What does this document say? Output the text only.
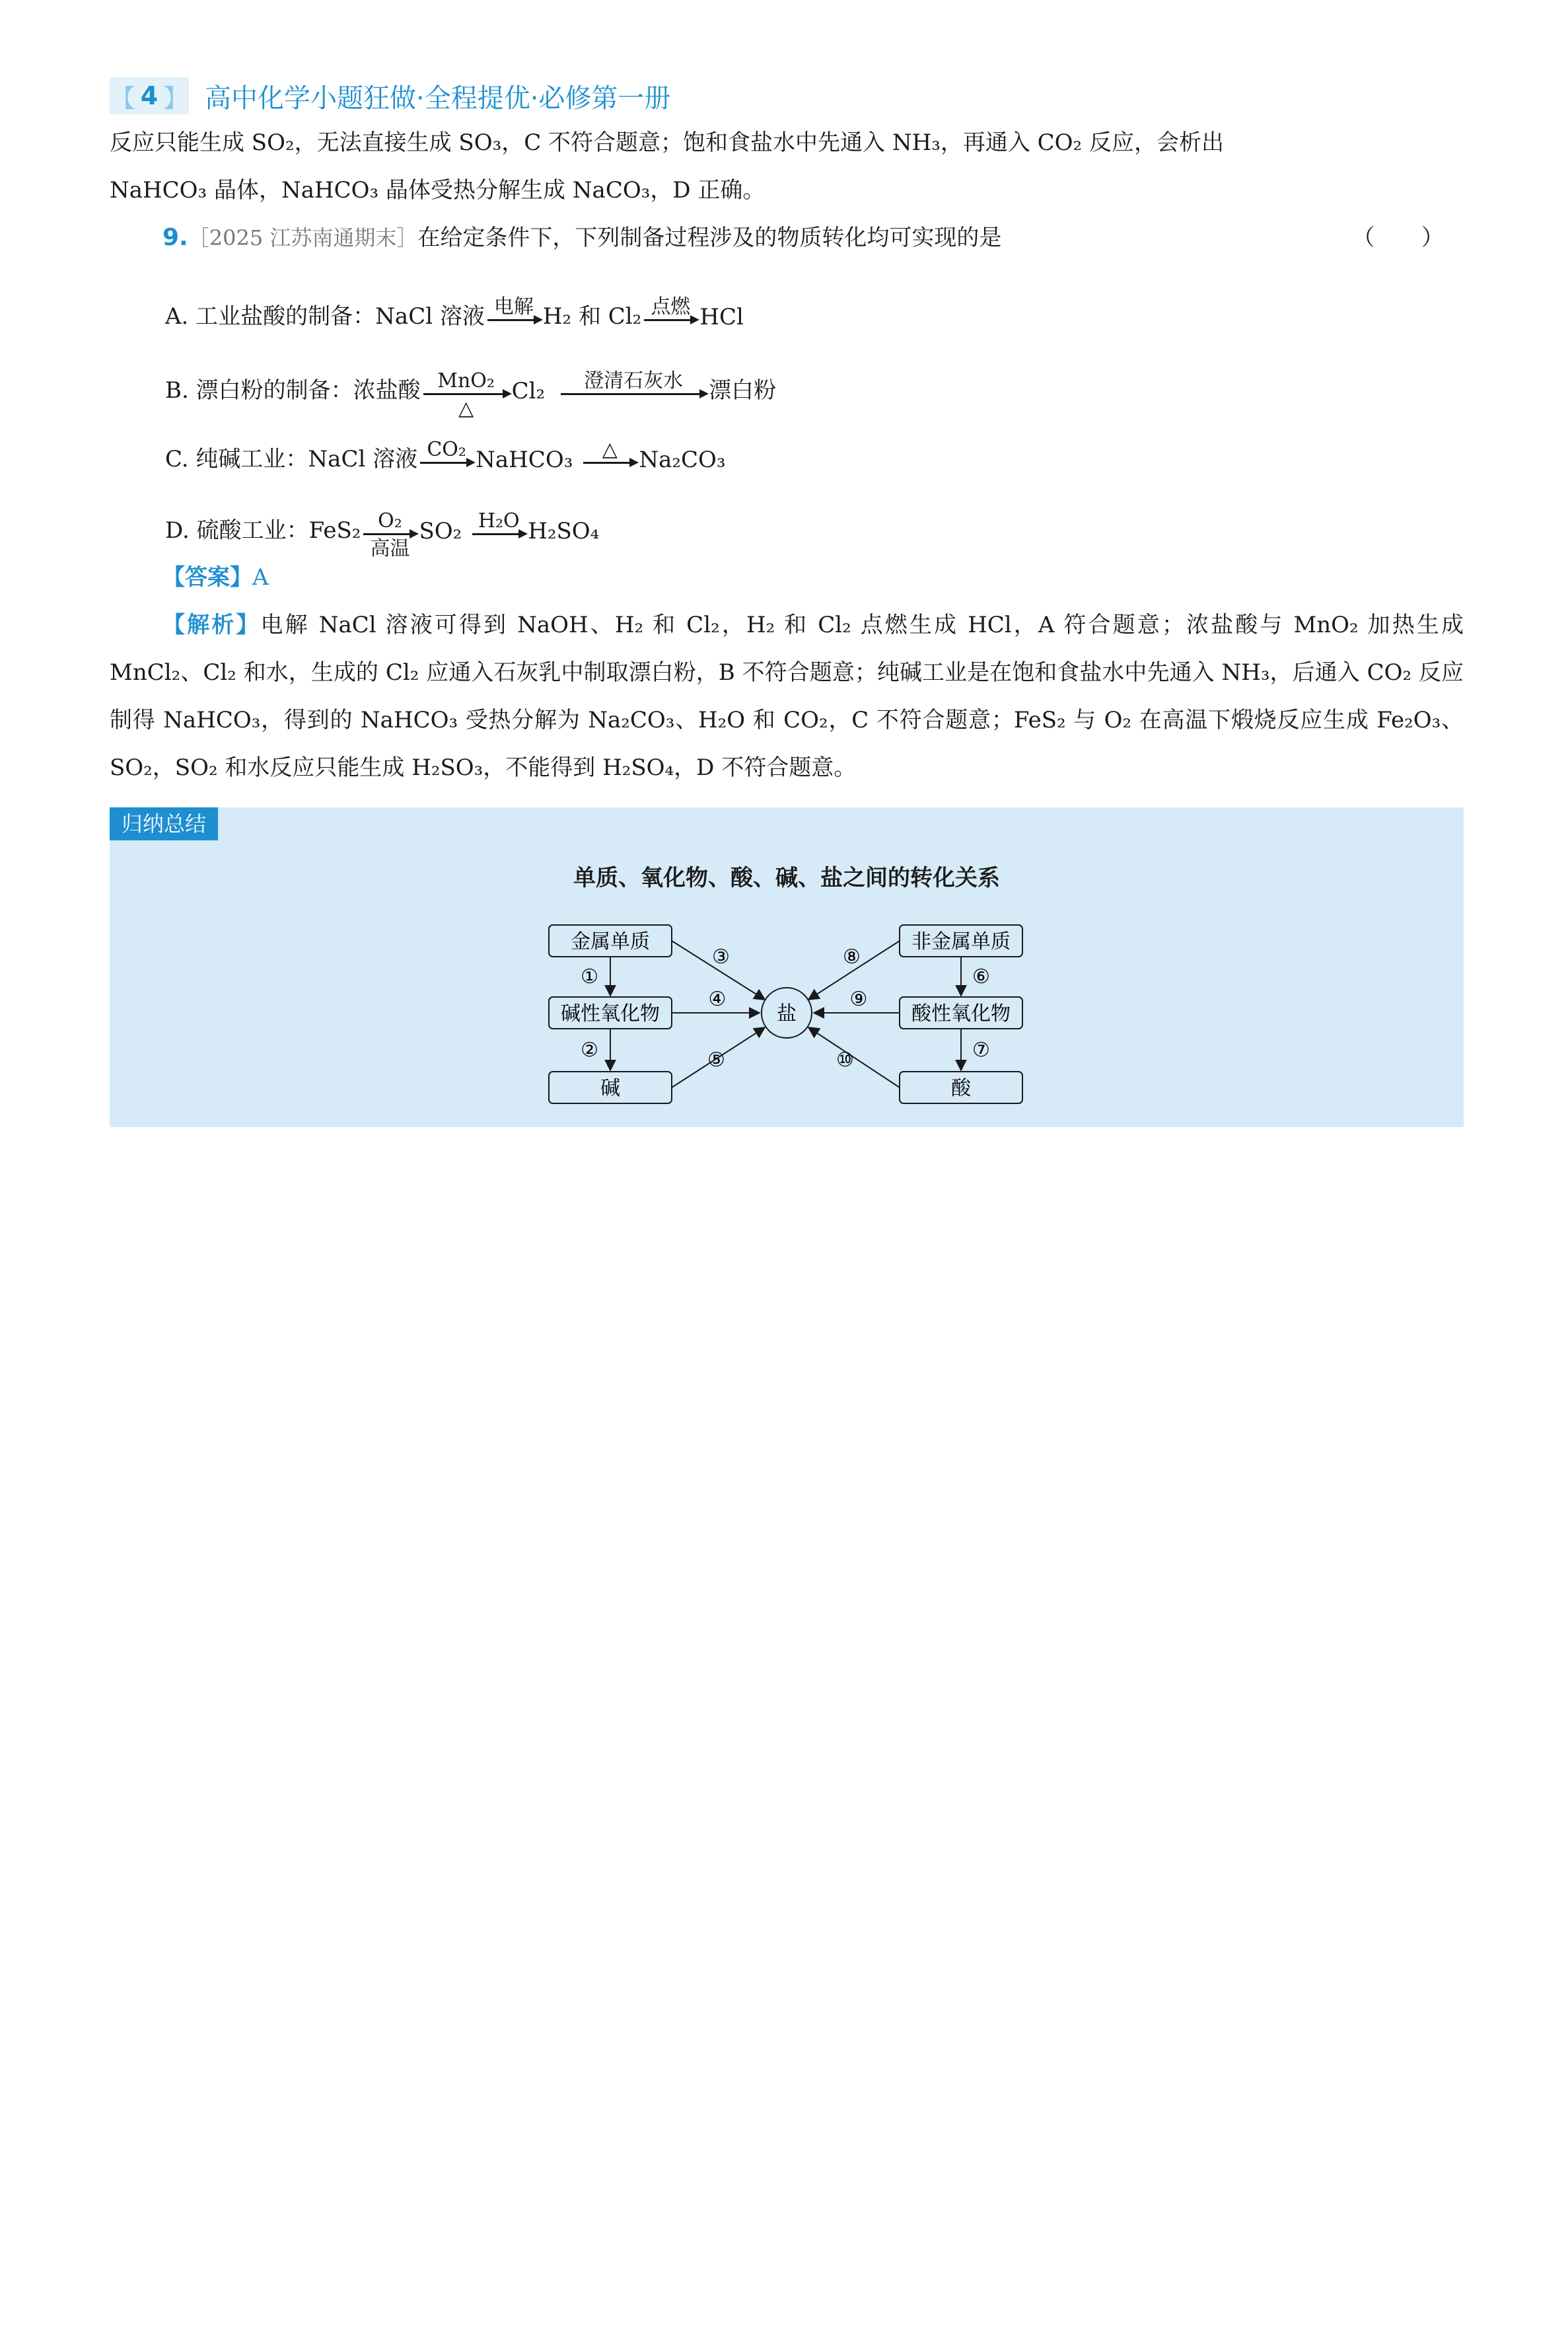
【 4 】 高中化学小题狂做·全程提优·必修第一册
反应只能生成 SO₂，无法直接生成 SO₃，C 不符合题意；饱和食盐水中先通入 NH₃，再通入 CO₂ 反应，会析出
NaHCO₃ 晶体，NaHCO₃ 晶体受热分解生成 NaCO₃，D 正确。
9.［2025 江苏南通期末］在给定条件下，下列制备过程涉及的物质转化均可实现的是	（ ）
A. 工业盐酸的制备：NaCl 溶液 电解 H₂ 和 Cl₂ 点燃 HCl
B. 漂白粉的制备：浓盐酸 MnO₂
△
Cl₂	澄清石灰水	漂白粉
C. 纯碱工业：NaCl 溶液 CO₂ NaHCO₃	△ Na₂CO₃
D. 硫酸工业：FeS₂ O₂
高温
SO₂ H₂O H₂SO₄
【答案】A
【解析】电解 NaCl 溶液可得到 NaOH、H₂ 和 Cl₂，H₂ 和 Cl₂ 点燃生成 HCl，A 符合题意；浓盐酸与 MnO₂ 加热生成 MnCl₂、Cl₂ 和水，生成的 Cl₂ 应通入石灰乳中制取漂白粉，B 不符合题意；纯碱工业是在饱和食盐水中先通入 NH₃，后通入 CO₂ 反应制得 NaHCO₃，得到的 NaHCO₃ 受热分解为 Na₂CO₃、H₂O 和 CO₂，C 不符合题意；FeS₂ 与 O₂ 在高温下煅烧反应生成 Fe₂O₃、SO₂，SO₂ 和水反应只能生成 H₂SO₃，不能得到 H₂SO₄，D 不符合题意。
归纳总结
单质、氧化物、酸、碱、盐之间的转化关系
金属单质
碱性氧化物
碱
非金属单质
酸性氧化物
酸
盐
①
②
⑥
⑦
③
④
⑤
⑧
⑨
⑩
